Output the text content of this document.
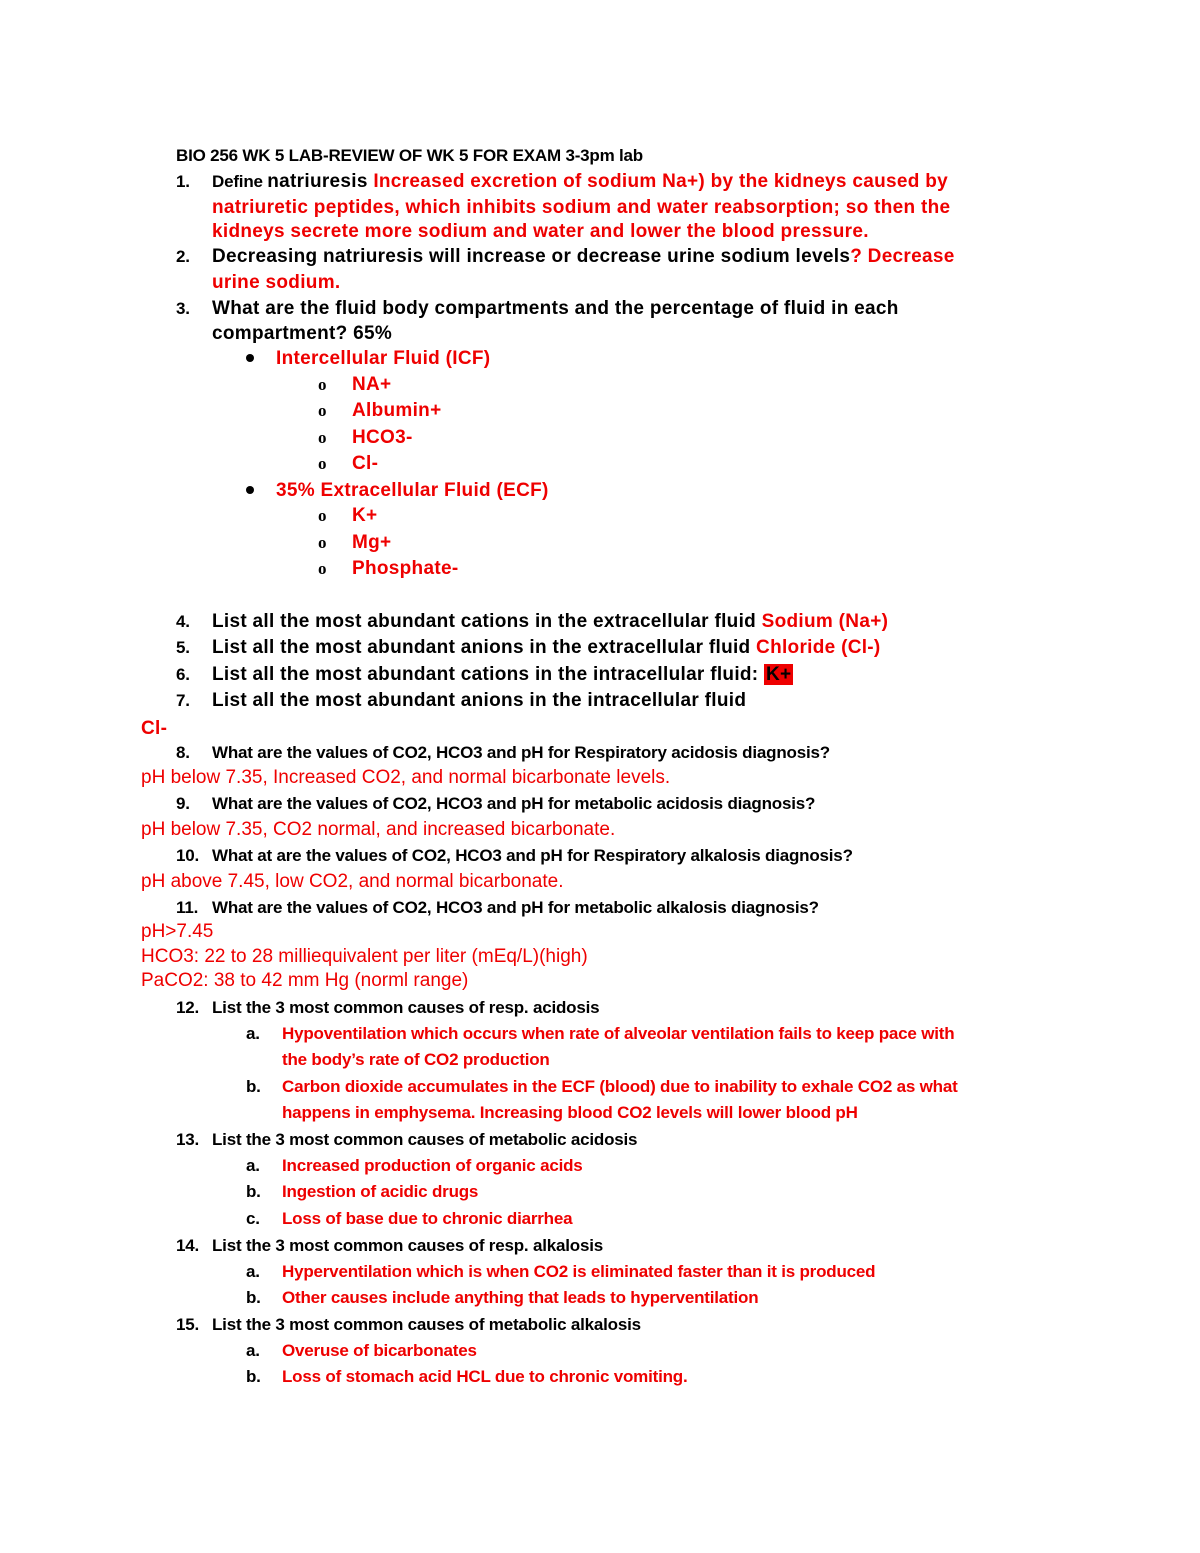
BIO 256 WK 5 LAB-REVIEW OF WK 5 FOR EXAM 3-3pm lab
1. Define natriuresis Increased excretion of sodium Na+) by the kidneys caused by
natriuretic peptides, which inhibits sodium and water reabsorption; so then the
kidneys secrete more sodium and water and lower the blood pressure.
2. Decreasing natriuresis will increase or decrease urine sodium levels? Decrease
urine sodium.
3. What are the fluid body compartments and the percentage of fluid in each
compartment? 65%
Intercellular Fluid (ICF)
o NA+
o Albumin+
o HCO3-
o Cl-
35% Extracellular Fluid (ECF)
o K+
o Mg+
o Phosphate-
4. List all the most abundant cations in the extracellular fluid Sodium (Na+)
5. List all the most abundant anions in the extracellular fluid Chloride (Cl-)
6. List all the most abundant cations in the intracellular fluid: K+
7. List all the most abundant anions in the intracellular fluid
Cl-
8. What are the values of CO2, HCO3 and pH for Respiratory acidosis diagnosis?
pH below 7.35, Increased CO2, and normal bicarbonate levels.
9. What are the values of CO2, HCO3 and pH for metabolic acidosis diagnosis?
pH below 7.35, CO2 normal, and increased bicarbonate.
10. What at are the values of CO2, HCO3 and pH for Respiratory alkalosis diagnosis?
pH above 7.45, low CO2, and normal bicarbonate.
11. What are the values of CO2, HCO3 and pH for metabolic alkalosis diagnosis?
pH>7.45
HCO3: 22 to 28 milliequivalent per liter (mEq/L)(high)
PaCO2: 38 to 42 mm Hg (norml range)
12. List the 3 most common causes of resp. acidosis
a. Hypoventilation which occurs when rate of alveolar ventilation fails to keep pace with
the body’s rate of CO2 production
b. Carbon dioxide accumulates in the ECF (blood) due to inability to exhale CO2 as what
happens in emphysema. Increasing blood CO2 levels will lower blood pH
13. List the 3 most common causes of metabolic acidosis
a. Increased production of organic acids
b. Ingestion of acidic drugs
c. Loss of base due to chronic diarrhea
14. List the 3 most common causes of resp. alkalosis
a. Hyperventilation which is when CO2 is eliminated faster than it is produced
b. Other causes include anything that leads to hyperventilation
15. List the 3 most common causes of metabolic alkalosis
a. Overuse of bicarbonates
b. Loss of stomach acid HCL due to chronic vomiting.
